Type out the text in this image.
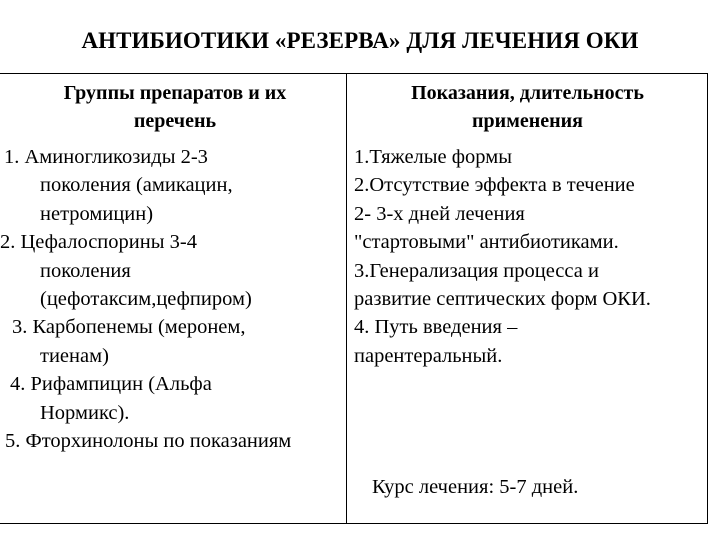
АНТИБИОТИКИ «РЕЗЕРВА» ДЛЯ ЛЕЧЕНИЯ ОКИ
Группы препаратов и их
перечень
Показания, длительность
применения
1. Аминогликозиды 2-3
поколения (амикацин,
нетромицин)
2. Цефалоспорины 3-4
поколения
(цефотаксим,цефпиром)
3. Карбопенемы (меронем,
тиенам)
4. Рифампицин (Альфа
Нормикс).
5. Фторхинолоны по показаниям
1.Тяжелые формы
2.Отсутствие эффекта в течение
2- 3-х дней лечения
"стартовыми" антибиотиками.
3.Генерализация процесса и
развитие септических форм ОКИ.
4. Путь введения –
парентеральный.
Курс лечения: 5-7 дней.
